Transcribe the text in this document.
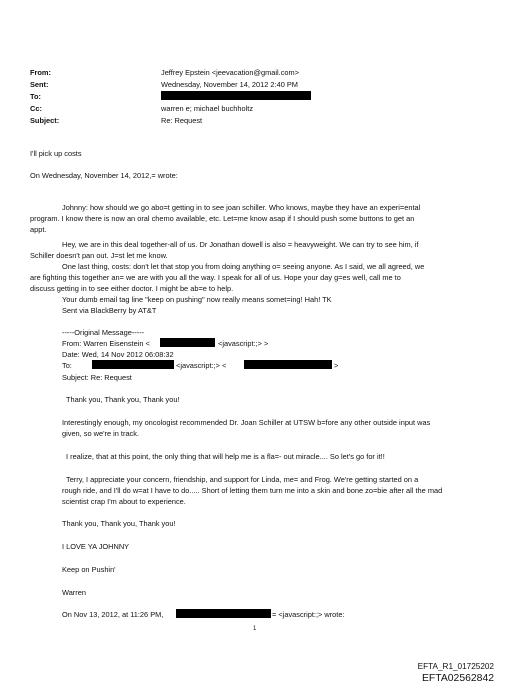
From:	Jeffrey Epstein <jeevacation@gmail.com>
Sent:	Wednesday, November 14, 2012 2:40 PM
To:
Cc:	warren e; michael buchholtz
Subject:	Re: Request
I'll pick up costs
On Wednesday, November 14, 2012,= wrote:
Johnny: how should we go abo=t getting in to see joan schiller. Who knows, maybe they have an experi=ental
program. I know there is now an oral chemo available, etc. Let=me know asap if I should push some buttons to get an
appt.
Hey, we are in this deal together-all of us. Dr Jonathan dowell is also = heavyweight. We can try to see him, if
Schiller doesn't pan out. J=st let me know.
One last thing, costs: don't let that stop you from doing anything o= seeing anyone. As I said, we all agreed, we
are fighting this together an= we are with you all the way. I speak for all of us. Hope your day g=es well, call me to
discuss getting in to see either doctor. I might be ab=e to help.
Your dumb email tag line "keep on pushing" now really means somet=ing! Hah! TK
Sent via BlackBerry by AT&T
-----Original Message-----
From: Warren Eisenstein <	<javascript:;> >
Date: Wed, 14 Nov 2012 06:08:32
To:	<javascript:;> <	>
Subject: Re: Request
Thank you, Thank you, Thank you!
Interestingly enough, my oncologist recommended Dr. Joan Schiller at UTSW b=fore any other outside input was
given, so we're in track.
I realize, that at this point, the only thing that will help me is a fla=- out miracle.... So let's go for it!!
Terry, I appreciate your concern, friendship, and support for Linda, me= and Frog. We're getting started on a
rough ride, and I'll do w=at I have to do..... Short of letting them turn me into a skin and bone zo=bie after all the mad
scientist crap I'm about to experience.
Thank you, Thank you, Thank you!
I LOVE YA JOHNNY
Keep on Pushin'
Warren
On Nov 13, 2012, at 11:26 PM,	= <javascript:;> wrote:
1
EFTA_R1_01725202
EFTA02562842
